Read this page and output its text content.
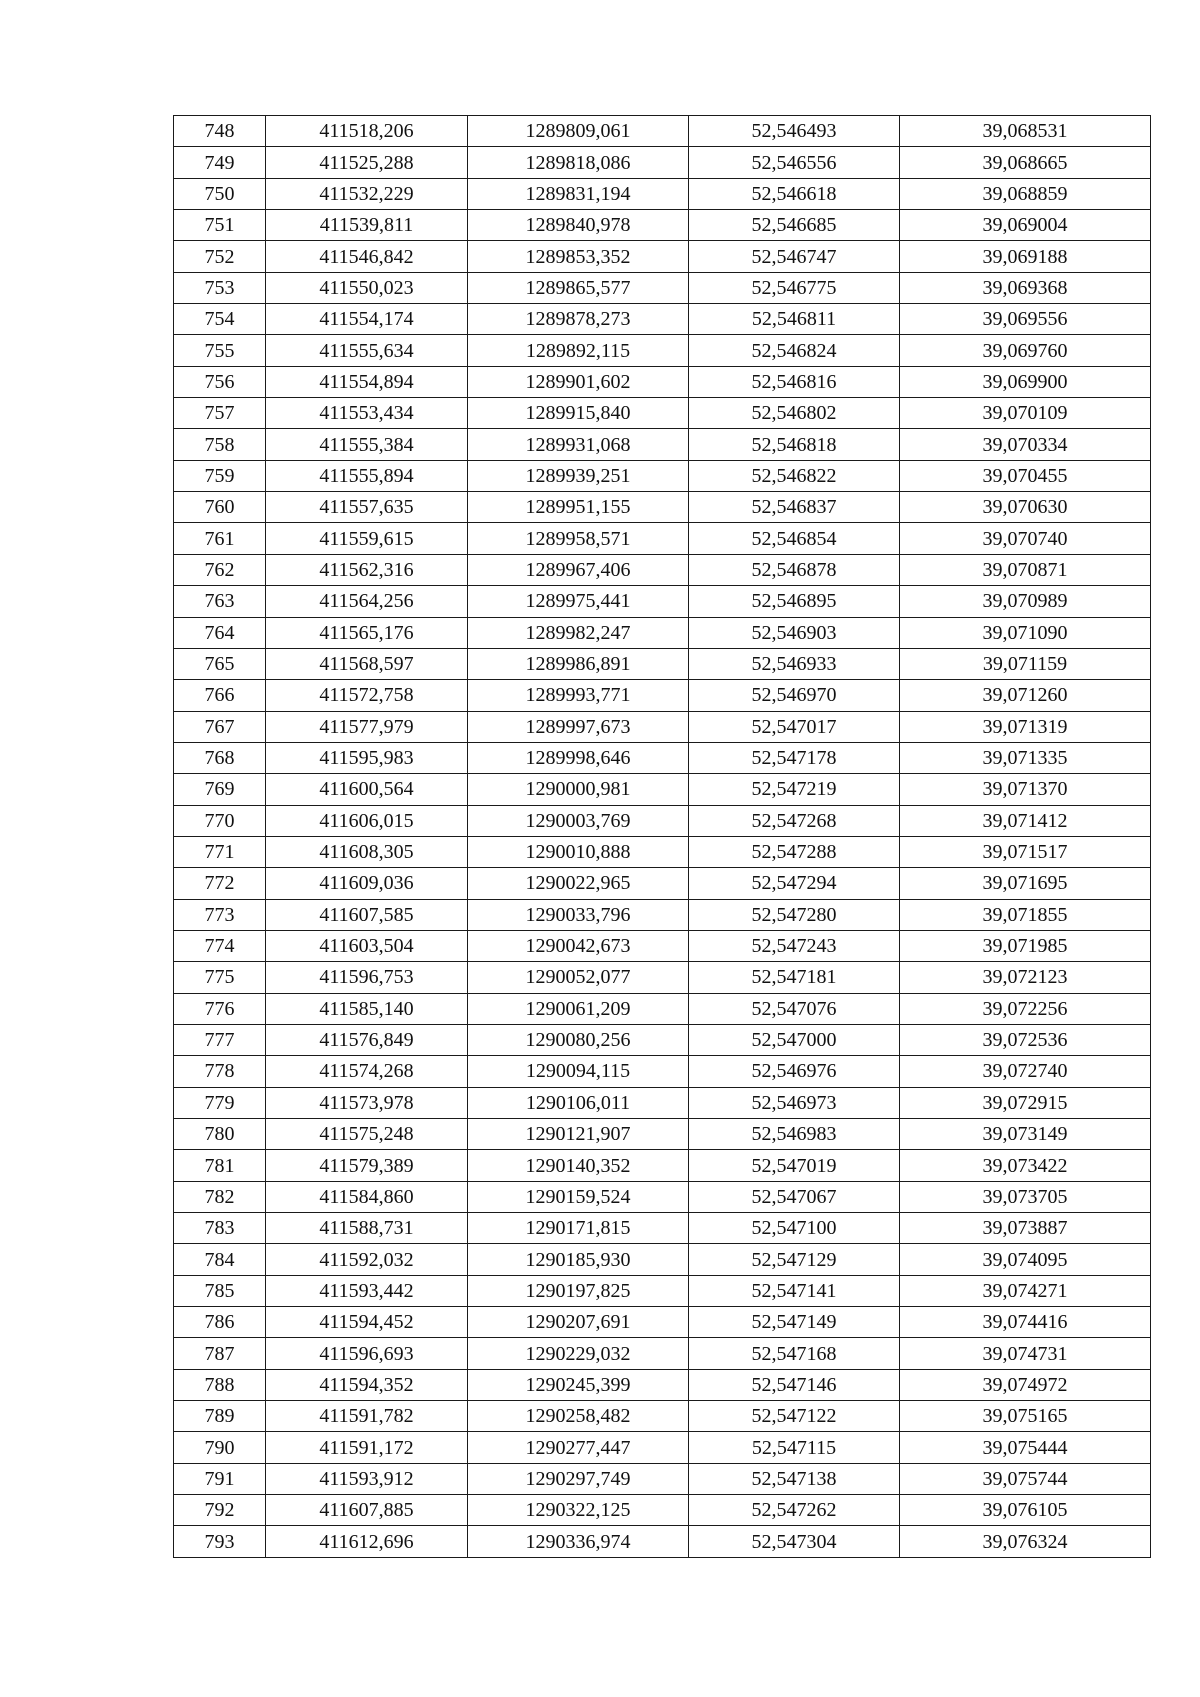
748	411518,206	1289809,061	52,546493	39,068531
749	411525,288	1289818,086	52,546556	39,068665
750	411532,229	1289831,194	52,546618	39,068859
751	411539,811	1289840,978	52,546685	39,069004
752	411546,842	1289853,352	52,546747	39,069188
753	411550,023	1289865,577	52,546775	39,069368
754	411554,174	1289878,273	52,546811	39,069556
755	411555,634	1289892,115	52,546824	39,069760
756	411554,894	1289901,602	52,546816	39,069900
757	411553,434	1289915,840	52,546802	39,070109
758	411555,384	1289931,068	52,546818	39,070334
759	411555,894	1289939,251	52,546822	39,070455
760	411557,635	1289951,155	52,546837	39,070630
761	411559,615	1289958,571	52,546854	39,070740
762	411562,316	1289967,406	52,546878	39,070871
763	411564,256	1289975,441	52,546895	39,070989
764	411565,176	1289982,247	52,546903	39,071090
765	411568,597	1289986,891	52,546933	39,071159
766	411572,758	1289993,771	52,546970	39,071260
767	411577,979	1289997,673	52,547017	39,071319
768	411595,983	1289998,646	52,547178	39,071335
769	411600,564	1290000,981	52,547219	39,071370
770	411606,015	1290003,769	52,547268	39,071412
771	411608,305	1290010,888	52,547288	39,071517
772	411609,036	1290022,965	52,547294	39,071695
773	411607,585	1290033,796	52,547280	39,071855
774	411603,504	1290042,673	52,547243	39,071985
775	411596,753	1290052,077	52,547181	39,072123
776	411585,140	1290061,209	52,547076	39,072256
777	411576,849	1290080,256	52,547000	39,072536
778	411574,268	1290094,115	52,546976	39,072740
779	411573,978	1290106,011	52,546973	39,072915
780	411575,248	1290121,907	52,546983	39,073149
781	411579,389	1290140,352	52,547019	39,073422
782	411584,860	1290159,524	52,547067	39,073705
783	411588,731	1290171,815	52,547100	39,073887
784	411592,032	1290185,930	52,547129	39,074095
785	411593,442	1290197,825	52,547141	39,074271
786	411594,452	1290207,691	52,547149	39,074416
787	411596,693	1290229,032	52,547168	39,074731
788	411594,352	1290245,399	52,547146	39,074972
789	411591,782	1290258,482	52,547122	39,075165
790	411591,172	1290277,447	52,547115	39,075444
791	411593,912	1290297,749	52,547138	39,075744
792	411607,885	1290322,125	52,547262	39,076105
793	411612,696	1290336,974	52,547304	39,076324
